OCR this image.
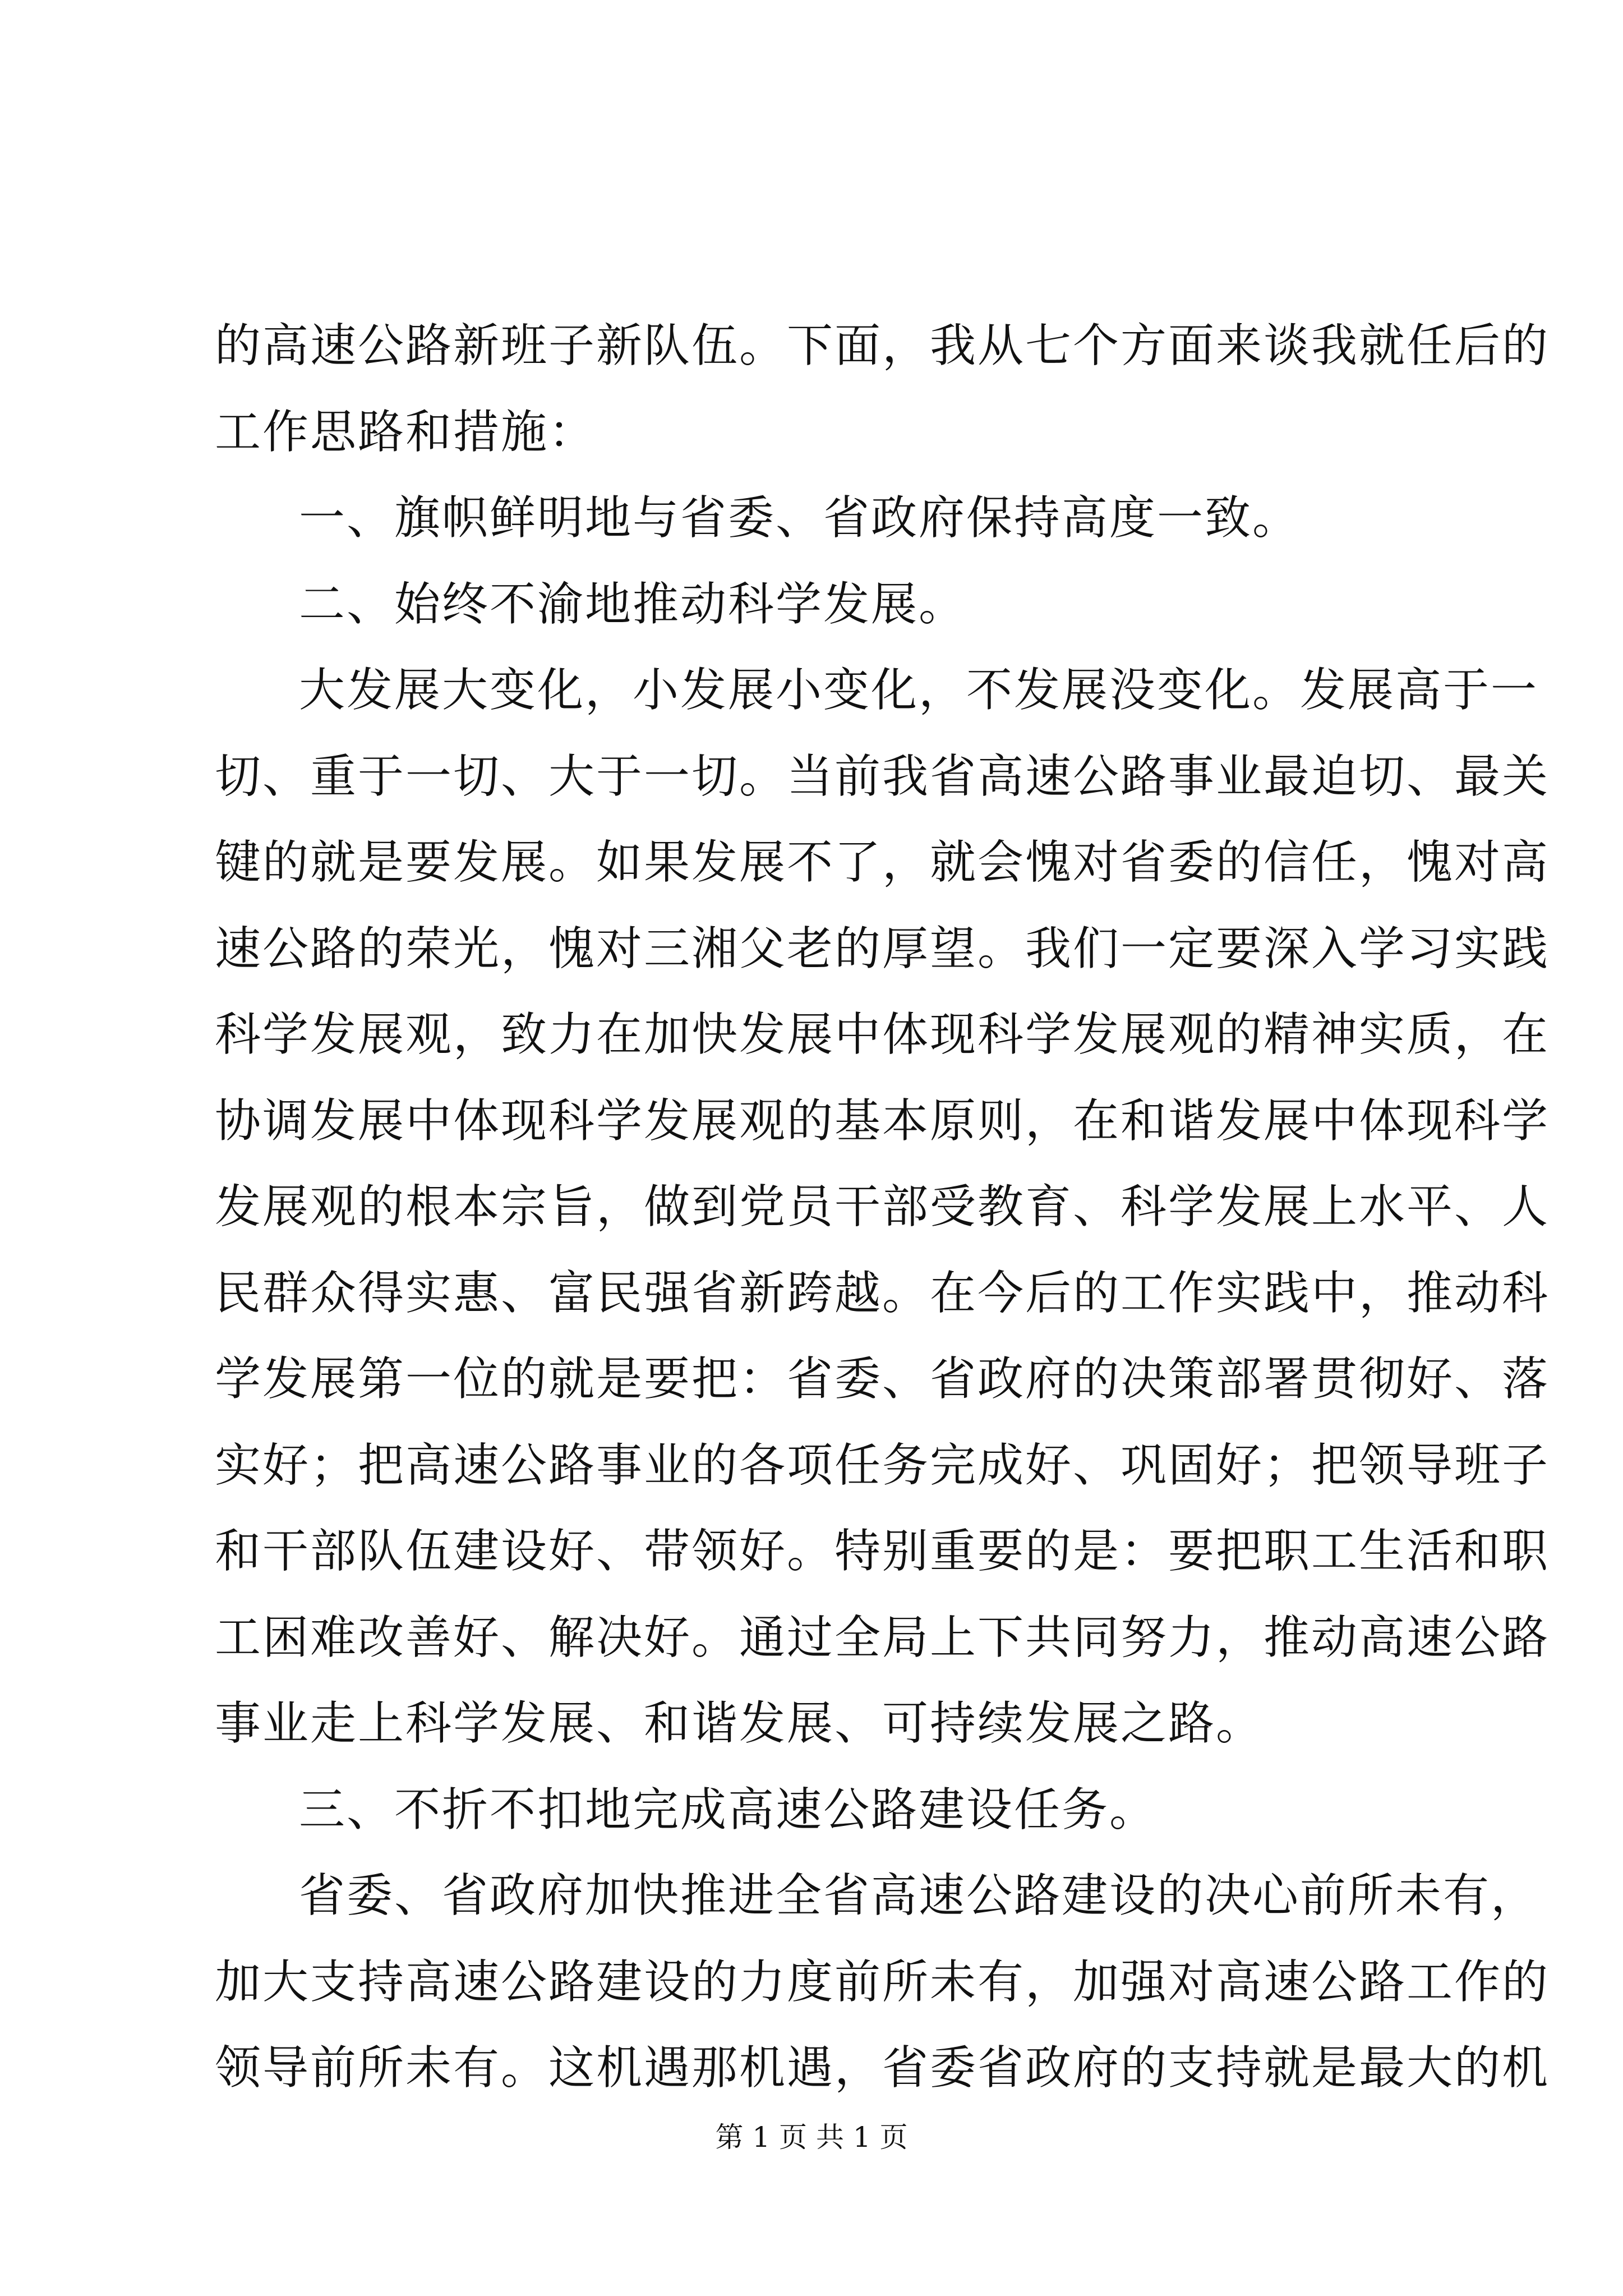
的高速公路新班子新队伍。下面，我从七个方面来谈我就任后的
工作思路和措施：
一、旗帜鲜明地与省委、省政府保持高度一致。
二、始终不渝地推动科学发展。
大发展大变化，小发展小变化，不发展没变化。发展高于一
切、重于一切、大于一切。当前我省高速公路事业最迫切、最关
键的就是要发展。如果发展不了，就会愧对省委的信任，愧对高
速公路的荣光，愧对三湘父老的厚望。我们一定要深入学习实践
科学发展观，致力在加快发展中体现科学发展观的精神实质，在
协调发展中体现科学发展观的基本原则，在和谐发展中体现科学
发展观的根本宗旨，做到党员干部受教育、科学发展上水平、人
民群众得实惠、富民强省新跨越。在今后的工作实践中，推动科
学发展第一位的就是要把：省委、省政府的决策部署贯彻好、落
实好；把高速公路事业的各项任务完成好、巩固好；把领导班子
和干部队伍建设好、带领好。特别重要的是：要把职工生活和职
工困难改善好、解决好。通过全局上下共同努力，推动高速公路
事业走上科学发展、和谐发展、可持续发展之路。
三、不折不扣地完成高速公路建设任务。
省委、省政府加快推进全省高速公路建设的决心前所未有，
加大支持高速公路建设的力度前所未有，加强对高速公路工作的
领导前所未有。这机遇那机遇，省委省政府的支持就是最大的机
第 1 页 共 1 页
